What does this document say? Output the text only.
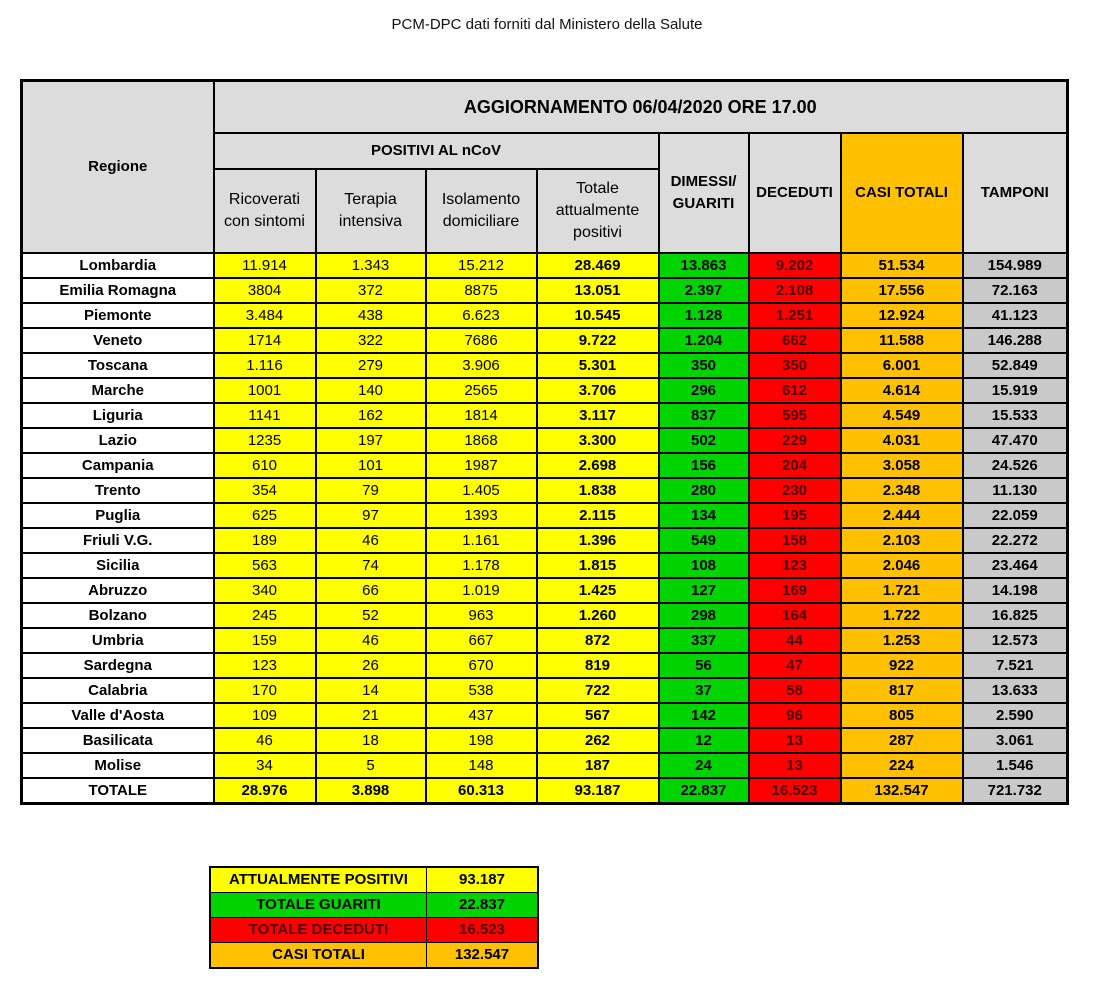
PCM-DPC dati forniti dal Ministero della Salute
Regione	AGGIORNAMENTO 06/04/2020 ORE 17.00							
	POSITIVI AL nCoV				DIMESSI/ GUARITI	DECEDUTI	CASI TOTALI	TAMPONI
	Ricoverati con sintomi	Terapia intensiva	Isolamento domiciliare	Totale attualmente positivi				
Lombardia	11.914	1.343	15.212	28.469	13.863	9.202	51.534	154.989
Emilia Romagna	3804	372	8875	13.051	2.397	2.108	17.556	72.163
Piemonte	3.484	438	6.623	10.545	1.128	1.251	12.924	41.123
Veneto	1714	322	7686	9.722	1.204	662	11.588	146.288
Toscana	1.116	279	3.906	5.301	350	350	6.001	52.849
Marche	1001	140	2565	3.706	296	612	4.614	15.919
Liguria	1141	162	1814	3.117	837	595	4.549	15.533
Lazio	1235	197	1868	3.300	502	229	4.031	47.470
Campania	610	101	1987	2.698	156	204	3.058	24.526
Trento	354	79	1.405	1.838	280	230	2.348	11.130
Puglia	625	97	1393	2.115	134	195	2.444	22.059
Friuli V.G.	189	46	1.161	1.396	549	158	2.103	22.272
Sicilia	563	74	1.178	1.815	108	123	2.046	23.464
Abruzzo	340	66	1.019	1.425	127	169	1.721	14.198
Bolzano	245	52	963	1.260	298	164	1.722	16.825
Umbria	159	46	667	872	337	44	1.253	12.573
Sardegna	123	26	670	819	56	47	922	7.521
Calabria	170	14	538	722	37	58	817	13.633
Valle d'Aosta	109	21	437	567	142	96	805	2.590
Basilicata	46	18	198	262	12	13	287	3.061
Molise	34	5	148	187	24	13	224	1.546
TOTALE	28.976	3.898	60.313	93.187	22.837	16.523	132.547	721.732
ATTUALMENTE POSITIVI	93.187
TOTALE GUARITI	22.837
TOTALE DECEDUTI	16.523
CASI TOTALI	132.547
